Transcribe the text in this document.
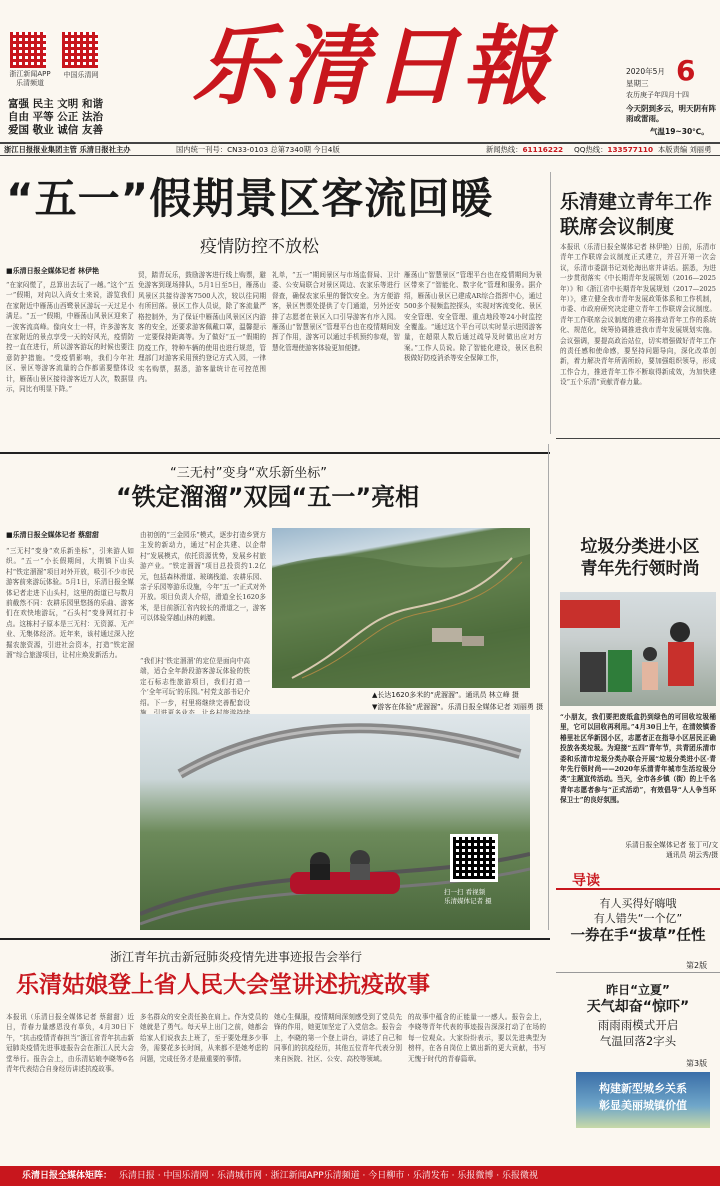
浙江新闻APP
乐清频道
中国乐清网
富强 民主 文明 和谐
自由 平等 公正 法治
爱国 敬业 诚信 友善
乐清日報	2020年5月 6
星期三
农历庚子年四月十四
今天阴到多云，明天阴有阵雨或雷雨。
气温19~30℃。
浙江日报报业集团主管 乐清日报社主办	国内统一刊号：CN33-0103 总第7340期 今日4版	新闻热线：61116222 QQ热线：133577110 本版责编 刘丽勇
“五一”假期景区客流回暖
疫情防控不放松
■乐清日报全媒体记者 林伊艳
“在家闷慌了，总算出去玩了一趟。”这个“五一”假期，对向以入尚女士来说，游览我们在家附近中雁荡山西鹭景区游玩一天过足小满足。“五一”假期，中雁荡山风景区迎来了一波客流高峰。像向女士一样，许多游客友在家附近的景点享受一天的好风光，疫情防控一直在进行，所以游客游玩的时候也要注意防护措施。“受疫情影响，我们今年社区、景区等游客流量的合作都需要整体设计，雁荡山景区接待游客近万人次，数据显示，同比有明显下降。”
贸，踏青玩乐，鼓励游客进行线上购票，避免游客到现场排队，5月1日至5日，雁荡山风景区共接待游客7500人次，较以往同期有所回落。景区工作人员说，除了客流量严格控制外，为了保证中雁荡山风景区区内游客的安全，还要求游客佩戴口罩，温馨提示一定要保持距离等。为了做好“五一”假期的防疫工作，特种车辆的使用也进行规范，管理部门对游客采用预约登记方式入园，一律实名购票，据悉，游客量统计在可控范围内。
礼单，“五一”期间景区与市场监督局、卫计委、公安局联合对景区周边、农家乐等进行督查，确保农家乐里的餐饮安全。为方便游客，景区售票处提供了专门通道，另外还安排了志愿者在景区入口引导游客有序入园。雁荡山“智慧景区”管理平台也在疫情期间发挥了作用，游客可以通过手机预约参观，智慧化管理使游客体验更加便捷。
雁荡山“智慧景区”管理平台也在疫情期间为景区带来了“智能化、数字化”管理和服务。据介绍，雁荡山景区已建成AR综合指挥中心，通过500多个视频监控探头，实现对客流变化、景区安全管理、安全管理、重点地段等24小时监控全覆盖。“通过这个平台可以实时显示进园游客量，在超限人数后通过疏导及时做出应对方案。”工作人员说。除了智能化建设，景区也积极做好防疫消杀等安全保障工作，
乐清建立青年工作联席会议制度
本报讯（乐清日报全媒体记者 林伊艳）日前，乐清市青年工作联席会议制度正式建立，并召开第一次会议，乐清市委副书记刘伦海出席并讲话。据悉，为进一步贯彻落实《中长期青年发展规划（2016—2025年）》和《浙江省中长期青年发展规划（2017—2025年）》，建立健全我市青年发展政策体系和工作机制，市委、市政府研究决定建立青年工作联席会议制度。青年工作联席会议制度的建立将推动青年工作的系统化、规范化，统筹协调推进我市青年发展规划实施。会议强调，要提高政治站位，切实增强做好青年工作的责任感和使命感，要坚持问题导向，深化改革创新，着力解决青年所需所盼，要加强组织领导，形成工作合力，推进青年工作不断取得新成效，为加快建设“五个乐清”贡献青春力量。
“三无村”变身“欢乐新坐标”
“铁定溜溜”双园“五一”亮相
■乐清日报全媒体记者 蔡甜甜
“三无村”变身“欢乐新坐标”，引来游人如织。“五一”小长假期间，大荆镇下山头村“铁定溜溜”项目对外开放，吸引不少市民游客前来游玩体验。5月1日，乐清日报全媒体记者走进下山头村，这里的街道已与数月前截然不同：农耕乐园里悠扬的乐曲、游客们在欢快地游玩，“石头村”变身网红打卡点。这栋村子原本是三无村：无资源、无产业、无集体经济。近年来，该村通过深入挖掘农旅资源，引进社会资本，打造“铁定溜溜”综合旅游项目，让村庄焕发新活力。
由初创的“三金园乐”模式，逐步打造乡贤方主发的新动力，通过“村企共建、以企带村”发展模式，依托资源优势，发展乡村旅游产业。“铁定溜溜”项目总投资约1.2亿元，包括森林滑道、玻璃栈道、农耕乐园、亲子乐园等游乐设施，今年“五一”正式对外开放。项目负责人介绍，滑道全长1620多米，是目前浙江省内较长的滑道之一，游客可以体验穿越山林的刺激。
“我们村‘铁定溜溜’的定位是面向中高端，适合全年龄段游客游玩体验的铁定石标志性旅游项目，我们打造一个‘全年可玩’的乐园。”村党支部书记介绍。下一步，村里将继续完善配套设
▲长达1620多米的“虎溜溜”。通讯员 林立峰 摄
▼游客在体验“虎溜溜”。乐清日报全媒体记者 刘丽勇 摄
扫一扫 看视频
乐清媒体记者 摄
垃圾分类进小区 青年先行领时尚
“小朋友，我们要把废纸盒扔到绿色的可回收垃圾桶里，它可以回收再利用。”4月30日上午，在清姣镇香椿里社区华新园小区，志愿者正在指导小区居民正确投放各类垃圾。为迎接“五四”青年节，共青团乐清市委和乐清市垃圾分类办联合开展“垃圾分类进小区·青年先行领时尚——2020年乐清青年城市生活垃圾分类”主题宣传活动。当天，全市各乡镇（街）的上千名青年志愿者参与“正式活动”，有效倡导“人人争当环保卫士”的良好氛围。
乐清日报全媒体记者 张丁可/文
通讯员 胡云秀/摄
导读
有人买得好嗨哦
有人错失“一个亿”
一券在手“拔草”任性
第2版
昨日“立夏”
天气却奋“惊吓”
雨雨雨模式开启
气温回落2字头
第3版
构建新型城乡关系
彰显美丽城镇价值
浙江青年抗击新冠肺炎疫情先进事迹报告会举行
乐清姑娘登上省人民大会堂讲述抗疫故事
本报讯（乐清日报全媒体记者 蔡甜甜）近日，青春力量感恩没有辜负，4月30日下午，“抗击疫情青春担当”浙江省青年抗击新冠肺炎疫情先进事迹报告会在浙江人民大会堂举行。报告会上，由乐清姑娘李晓等6名青年代表结合自身经历讲述抗疫故事。
多名群众的安全责任换在肩上。作为党员的她就是了勇气。每天早上出门之前，她都会给家人们说我去上班了，至于要处理多少事务，需要花多长时间，从来都不是她考虑的问题，完成任务才是最重要的事情。
她心生佩服，疫情期间深刻感受到了党员先锋的作用，她更加坚定了入党信念。报告会上，李晓的第一个登上讲台，讲述了自己和同事们的抗疫经历，其他五位青年代表分别来自医院、社区、公安、高校等领域。
的故事中蕴含的正能量一一感人。报告会上，李晓等青年代表的事迹报告深深打动了在场的每一位观众。大家纷纷表示，要以先进典型为榜样，在各自岗位上做出新的更大贡献，书写无愧于时代的青春篇章。
乐清日报全媒体矩阵： 乐清日报 · 中国乐清网 · 乐清城市网 · 浙江新闻APP乐清频道 · 今日柳市 · 乐清发布 · 乐报微博 · 乐报微视
